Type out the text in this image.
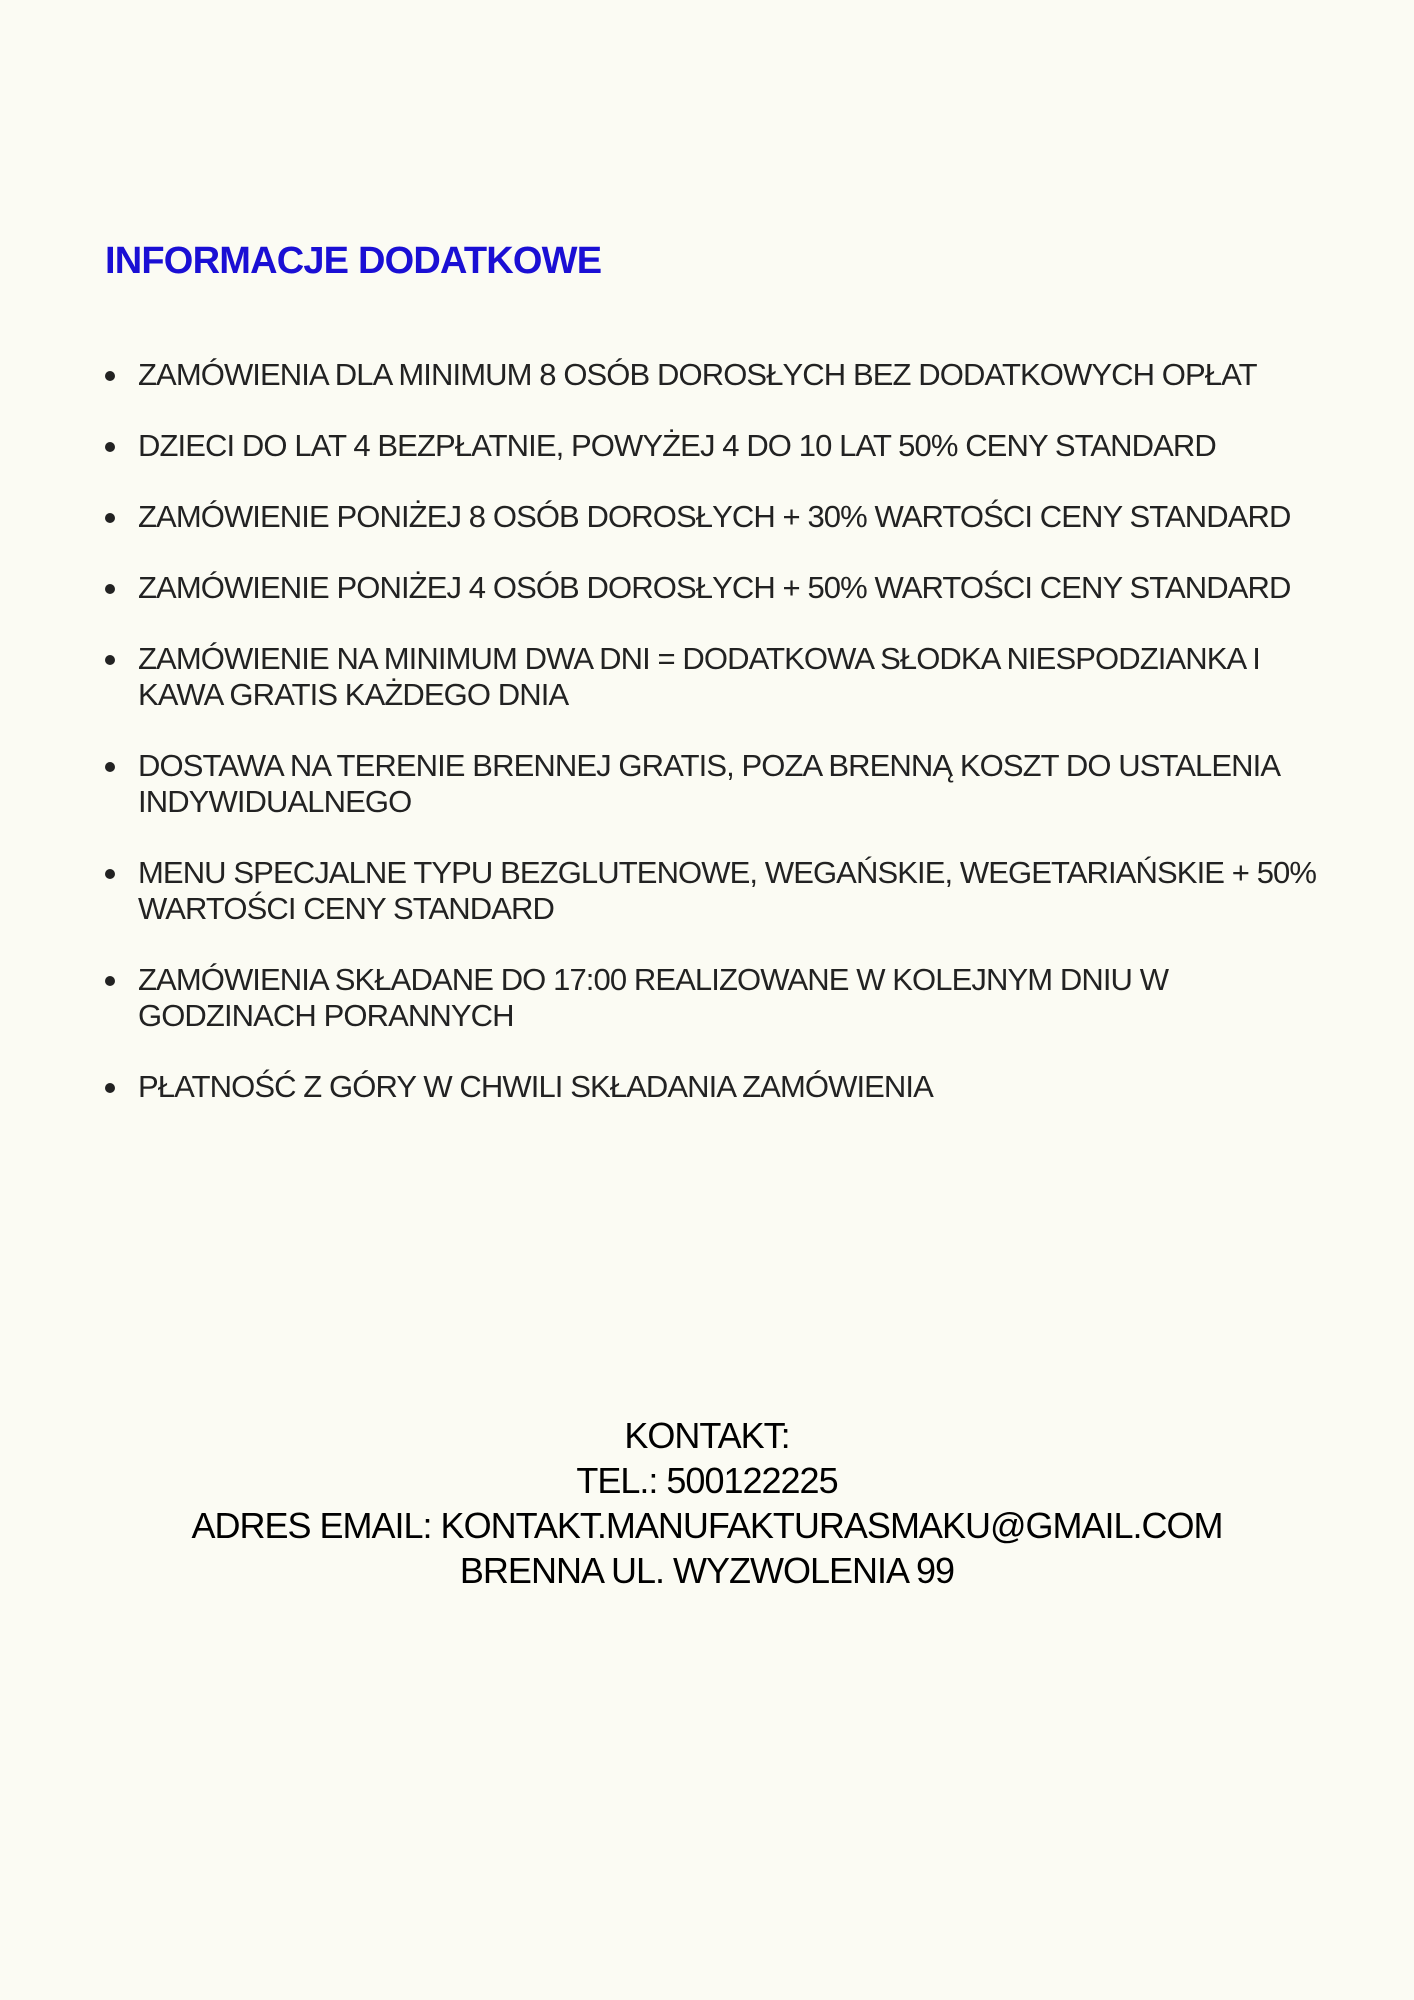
INFORMACJE DODATKOWE
ZAMÓWIENIA DLA MINIMUM 8 OSÓB DOROSŁYCH BEZ DODATKOWYCH OPŁAT
DZIECI DO LAT 4 BEZPŁATNIE, POWYŻEJ 4 DO 10 LAT 50% CENY STANDARD
ZAMÓWIENIE PONIŻEJ 8 OSÓB DOROSŁYCH + 30% WARTOŚCI CENY STANDARD
ZAMÓWIENIE PONIŻEJ 4 OSÓB DOROSŁYCH + 50% WARTOŚCI CENY STANDARD
ZAMÓWIENIE NA MINIMUM DWA DNI = DODATKOWA SŁODKA NIESPODZIANKA I KAWA GRATIS KAŻDEGO DNIA
DOSTAWA NA TERENIE BRENNEJ GRATIS, POZA BRENNĄ KOSZT DO USTALENIA INDYWIDUALNEGO
MENU SPECJALNE TYPU BEZGLUTENOWE, WEGAŃSKIE, WEGETARIAŃSKIE + 50% WARTOŚCI CENY STANDARD
ZAMÓWIENIA SKŁADANE DO 17:00 REALIZOWANE W KOLEJNYM DNIU W GODZINACH PORANNYCH
PŁATNOŚĆ Z GÓRY W CHWILI SKŁADANIA ZAMÓWIENIA
KONTAKT:
TEL.: 500122225
ADRES EMAIL: KONTAKT.MANUFAKTURASMAKU@GMAIL.COM
BRENNA UL. WYZWOLENIA 99
